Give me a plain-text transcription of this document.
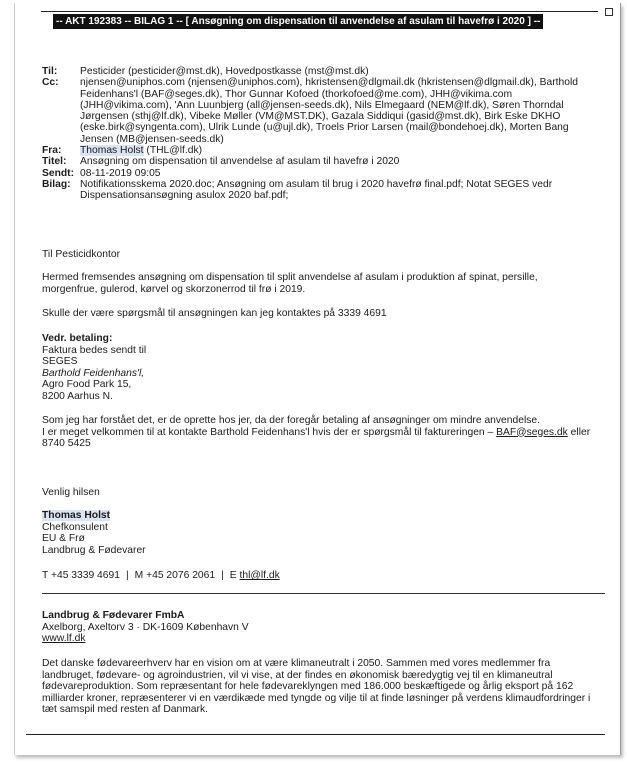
-- AKT 192383 -- BILAG 1 -- [ Ansøgning om dispensation til anvendelse af asulam til havefrø i 2020 ] --
Til:	Pesticider (pesticider@mst.dk), Hovedpostkasse (mst@mst.dk)
Cc:	njensen@uniphos.com (njensen@uniphos.com), hkristensen@dlgmail.dk (hkristensen@dlgmail.dk), Barthold
Feidenhans'l (BAF@seges.dk), Thor Gunnar Kofoed (thorkofoed@me.com), JHH@vikima.com
(JHH@vikima.com), 'Ann Luunbjerg (all@jensen-seeds.dk), Nils Elmegaard (NEM@lf.dk), Søren Thorndal
Jørgensen (sthj@lf.dk), Vibeke Møller (VM@MST.DK), Gazala Siddiqui (gasid@mst.dk), Birk Eske DKHO
(eske.birk@syngenta.com), Ulrik Lunde (u@ujl.dk), Troels Prior Larsen (mail@bondehoej.dk), Morten Bang
Jensen (MB@jensen-seeds.dk)
Fra:	Thomas Holst (THL@lf.dk)
Titel:	Ansøgning om dispensation til anvendelse af asulam til havefrø i 2020
Sendt: 08-11-2019 09:05
Bilag: Notifikationsskema 2020.doc; Ansøgning om asulam til brug i 2020 havefrø final.pdf; Notat SEGES vedr
Dispensationsansøgning asulox 2020 baf.pdf;
Til Pesticidkontor
Hermed fremsendes ansøgning om dispensation til split anvendelse af asulam i produktion af spinat, persille,
morgenfrue, gulerod, kørvel og skorzonerrod til frø i 2019.
Skulle der være spørgsmål til ansøgningen kan jeg kontaktes på 3339 4691
Vedr. betaling:
Faktura bedes sendt til
SEGES
Barthold Feidenhans'l,
Agro Food Park 15,
8200 Aarhus N.
Som jeg har forstået det, er de oprette hos jer, da der foregår betaling af ansøgninger om mindre anvendelse.
I er meget velkommen til at kontakte Barthold Feidenhans'l hvis der er spørgsmål til faktureringen – BAF@seges.dk eller
8740 5425
Venlig hilsen
Thomas Holst
Chefkonsulent
EU & Frø
Landbrug & Fødevarer
T +45 3339 4691 | M +45 2076 2061 | E thl@lf.dk
Landbrug & Fødevarer FmbA
Axelborg, Axeltorv 3 · DK-1609 København V
www.lf.dk
Det danske fødevareerhverv har en vision om at være klimaneutralt i 2050. Sammen med vores medlemmer fra
landbruget, fødevare- og agroindustrien, vil vi vise, at der findes en økonomisk bæredygtig vej til en klimaneutral
fødevareproduktion. Som repræsentant for hele fødevareklyngen med 186.000 beskæftigede og årlig eksport på 162
milliarder kroner, repræsenterer vi en værdikæde med tyngde og vilje til at finde løsninger på verdens klimaudfordringer i
tæt samspil med resten af Danmark.
